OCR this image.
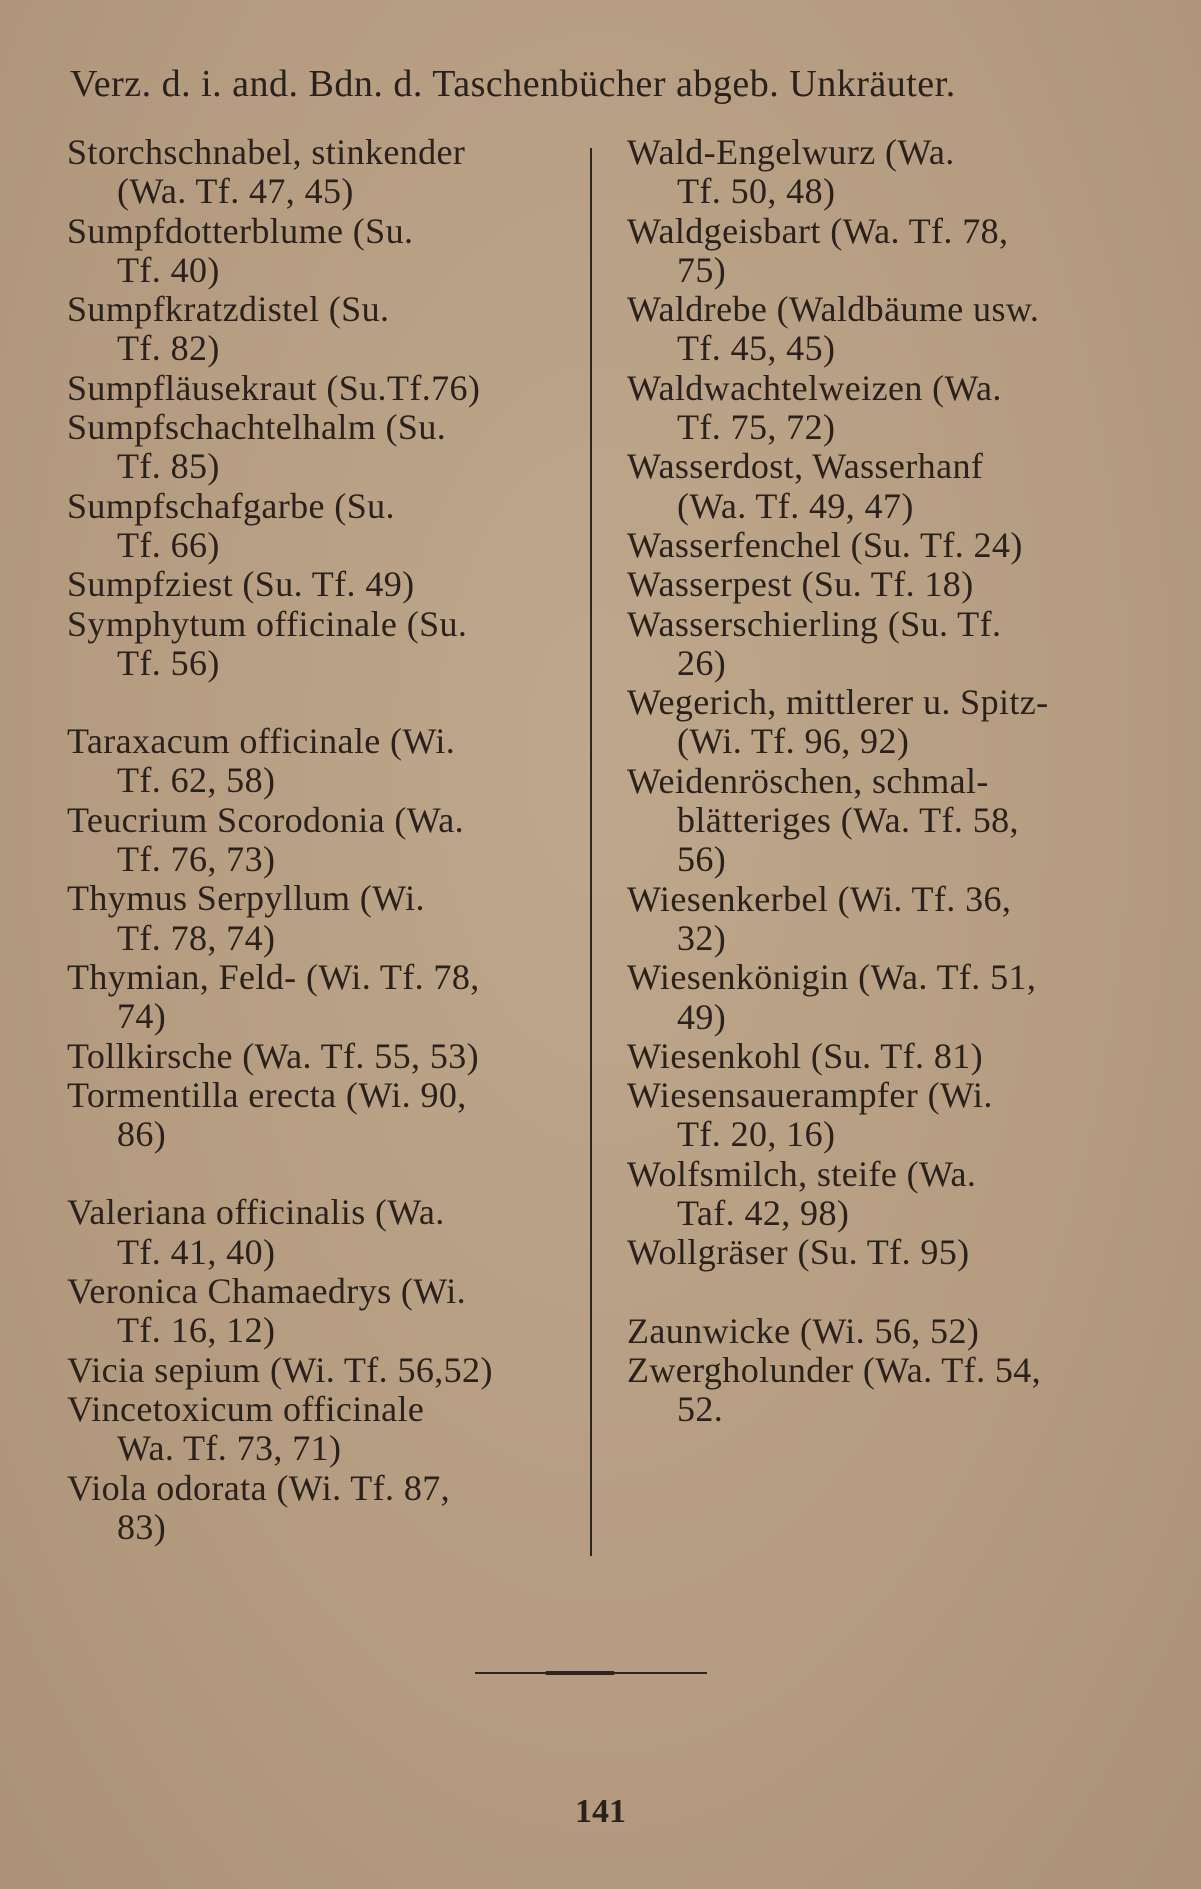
Verz. d. i. and. Bdn. d. Taschenbücher abgeb. Unkräuter.
Storchschnabel, stinkender
(Wa. Tf. 47, 45)
Sumpfdotterblume (Su.
Tf. 40)
Sumpfkratzdistel (Su.
Tf. 82)
Sumpfläusekraut (Su.Tf.76)
Sumpfschachtelhalm (Su.
Tf. 85)
Sumpfschafgarbe (Su.
Tf. 66)
Sumpfziest (Su. Tf. 49)
Symphytum officinale (Su.
Tf. 56)
Taraxacum officinale (Wi.
Tf. 62, 58)
Teucrium Scorodonia (Wa.
Tf. 76, 73)
Thymus Serpyllum (Wi.
Tf. 78, 74)
Thymian, Feld- (Wi. Tf. 78,
74)
Tollkirsche (Wa. Tf. 55, 53)
Tormentilla erecta (Wi. 90,
86)
Valeriana officinalis (Wa.
Tf. 41, 40)
Veronica Chamaedrys (Wi.
Tf. 16, 12)
Vicia sepium (Wi. Tf. 56,52)
Vincetoxicum officinale
Wa. Tf. 73, 71)
Viola odorata (Wi. Tf. 87,
83)
Wald-Engelwurz (Wa.
Tf. 50, 48)
Waldgeisbart (Wa. Tf. 78,
75)
Waldrebe (Waldbäume usw.
Tf. 45, 45)
Waldwachtelweizen (Wa.
Tf. 75, 72)
Wasserdost, Wasserhanf
(Wa. Tf. 49, 47)
Wasserfenchel (Su. Tf. 24)
Wasserpest (Su. Tf. 18)
Wasserschierling (Su. Tf.
26)
Wegerich, mittlerer u. Spitz-
(Wi. Tf. 96, 92)
Weidenröschen, schmal-
blätteriges (Wa. Tf. 58,
56)
Wiesenkerbel (Wi. Tf. 36,
32)
Wiesenkönigin (Wa. Tf. 51,
49)
Wiesenkohl (Su. Tf. 81)
Wiesensauerampfer (Wi.
Tf. 20, 16)
Wolfsmilch, steife (Wa.
Taf. 42, 98)
Wollgräser (Su. Tf. 95)
Zaunwicke (Wi. 56, 52)
Zwergholunder (Wa. Tf. 54,
52.
141
